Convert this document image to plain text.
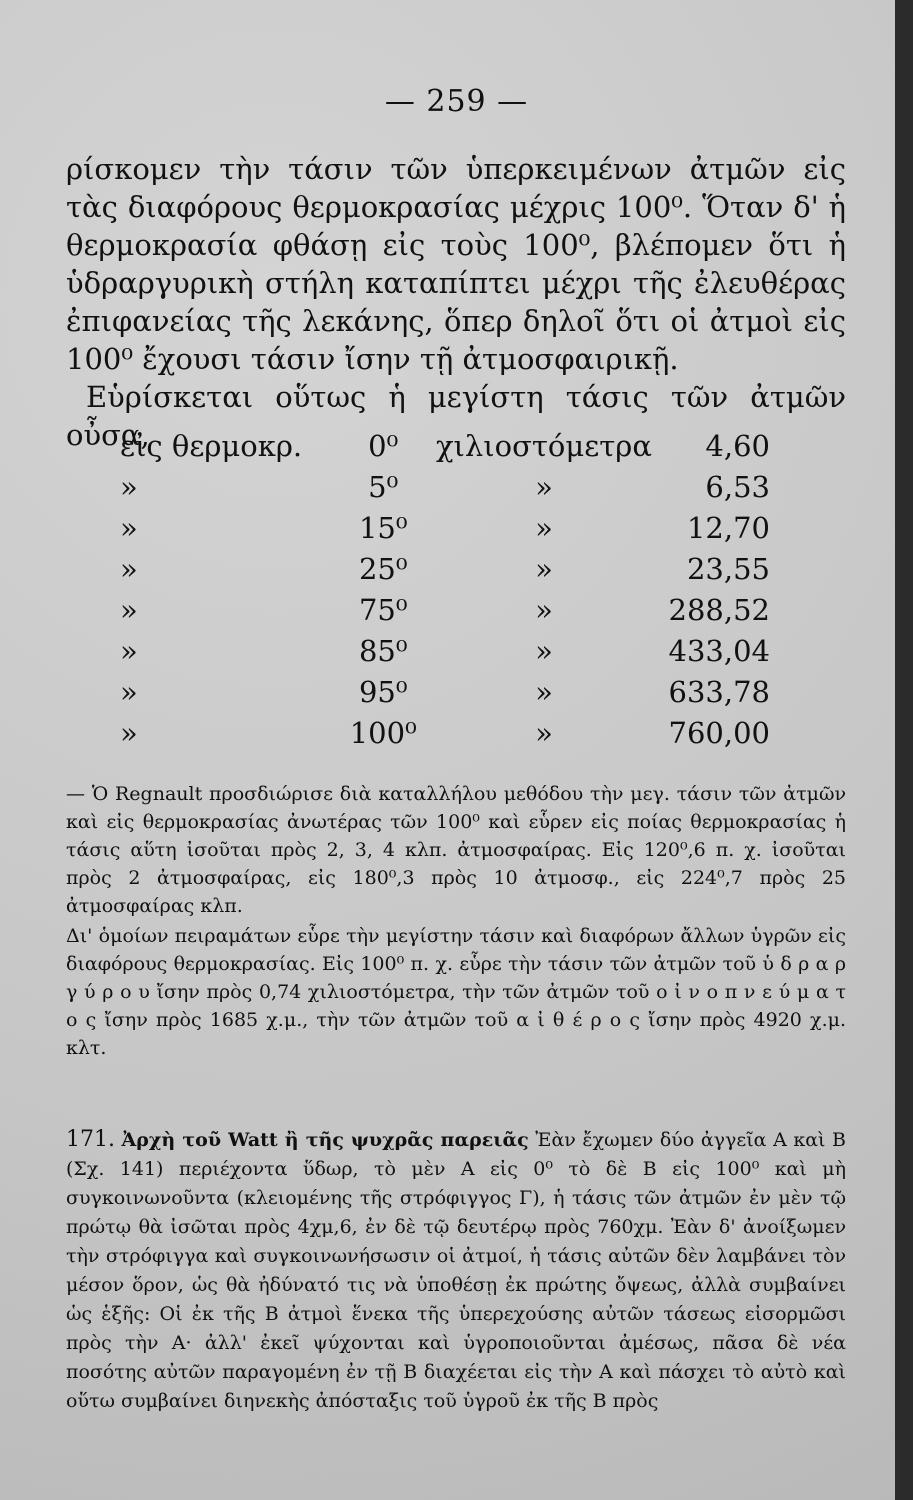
— 259 —

ρίσκομεν τὴν τάσιν τῶν ὑπερκειμένων ἀτμῶν εἰς τὰς διαφόρους θερμοκρασίας μέχρις 100⁰. Ὅταν δ' ἡ θερμοκρασία φθάσῃ εἰς τοὺς 100⁰, βλέπομεν ὅτι ἡ ὑδραργυρικὴ στήλη καταπίπτει μέχρι τῆς ἐλευθέρας ἐπιφανείας τῆς λεκάνης, ὅπερ δηλοῖ ὅτι οἱ ἀτμοὶ εἰς 100⁰ ἔχουσι τάσιν ἴσην τῇ ἀτμοσφαιρικῇ.

Εὑρίσκεται οὕτως ἡ μεγίστη τάσις τῶν ἀτμῶν οὖσα,

εἰς θερμοκρ.	0⁰	χιλιοστόμετρα	4,60
»	5⁰	»	6,53
»	15⁰	»	12,70
»	25⁰	»	23,55
»	75⁰	»	288,52
»	85⁰	»	433,04
»	95⁰	»	633,78
»	100⁰	»	760,00

— Ὁ Regnault προσδιώρισε διὰ καταλλήλου μεθόδου τὴν μεγ. τάσιν τῶν ἀτμῶν καὶ εἰς θερμοκρασίας ἀνωτέρας τῶν 100⁰ καὶ εὗρεν εἰς ποίας θερμοκρασίας ἡ τάσις αὕτη ἰσοῦται πρὸς 2, 3, 4 κλπ. ἀτμοσφαίρας. Εἰς 120⁰,6 π. χ. ἰσοῦται πρὸς 2 ἀτμοσφαίρας, εἰς 180⁰,3 πρὸς 10 ἀτμοσφ., εἰς 224⁰,7 πρὸς 25 ἀτμοσφαίρας κλπ.

Δι' ὁμοίων πειραμάτων εὗρε τὴν μεγίστην τάσιν καὶ διαφόρων ἄλλων ὑγρῶν εἰς διαφόρους θερμοκρασίας. Εἰς 100⁰ π. χ. εὗρε τὴν τάσιν τῶν ἀτμῶν τοῦ ὑ δ ρ α ρ γ ύ ρ ο υ ἴσην πρὸς 0,74 χιλιοστόμετρα, τὴν τῶν ἀτμῶν τοῦ ο ἰ ν ο π ν ε ύ μ α τ ο ς ἴσην πρὸς 1685 χ.μ., τὴν τῶν ἀτμῶν τοῦ α ἰ θ έ ρ ο ς ἴσην πρὸς 4920 χ.μ. κλτ.

171. Ἀρχὴ τοῦ Watt ἢ τῆς ψυχρᾶς παρειᾶς Ἐὰν ἔχωμεν δύο ἀγγεῖα A καὶ B (Σχ. 141) περιέχοντα ὕδωρ, τὸ μὲν A εἰς 0⁰ τὸ δὲ B εἰς 100⁰ καὶ μὴ συγκοινωνοῦντα (κλειομένης τῆς στρόφιγγος Γ), ἡ τάσις τῶν ἀτμῶν ἐν μὲν τῷ πρώτῳ θὰ ἰσῶται πρὸς 4χμ,6, ἐν δὲ τῷ δευτέρῳ πρὸς 760χμ. Ἐὰν δ' ἀνοίξωμεν τὴν στρόφιγγα καὶ συγκοινωνήσωσιν οἱ ἀτμοί, ἡ τάσις αὐτῶν δὲν λαμβάνει τὸν μέσον ὅρον, ὡς θὰ ἠδύνατό τις νὰ ὑποθέσῃ ἐκ πρώτης ὄψεως, ἀλλὰ συμβαίνει ὡς ἑξῆς: Οἱ ἐκ τῆς B ἀτμοὶ ἕνεκα τῆς ὑπερεχούσης αὐτῶν τάσεως εἰσορμῶσι πρὸς τὴν A· ἀλλ' ἐκεῖ ψύχονται καὶ ὑγροποιοῦνται ἀμέσως, πᾶσα δὲ νέα ποσότης αὐτῶν παραγομένη ἐν τῇ B διαχέεται εἰς τὴν A καὶ πάσχει τὸ αὐτὸ καὶ οὕτω συμβαίνει διηνεκὴς ἀπόσταξις τοῦ ὑγροῦ ἐκ τῆς B πρὸς
